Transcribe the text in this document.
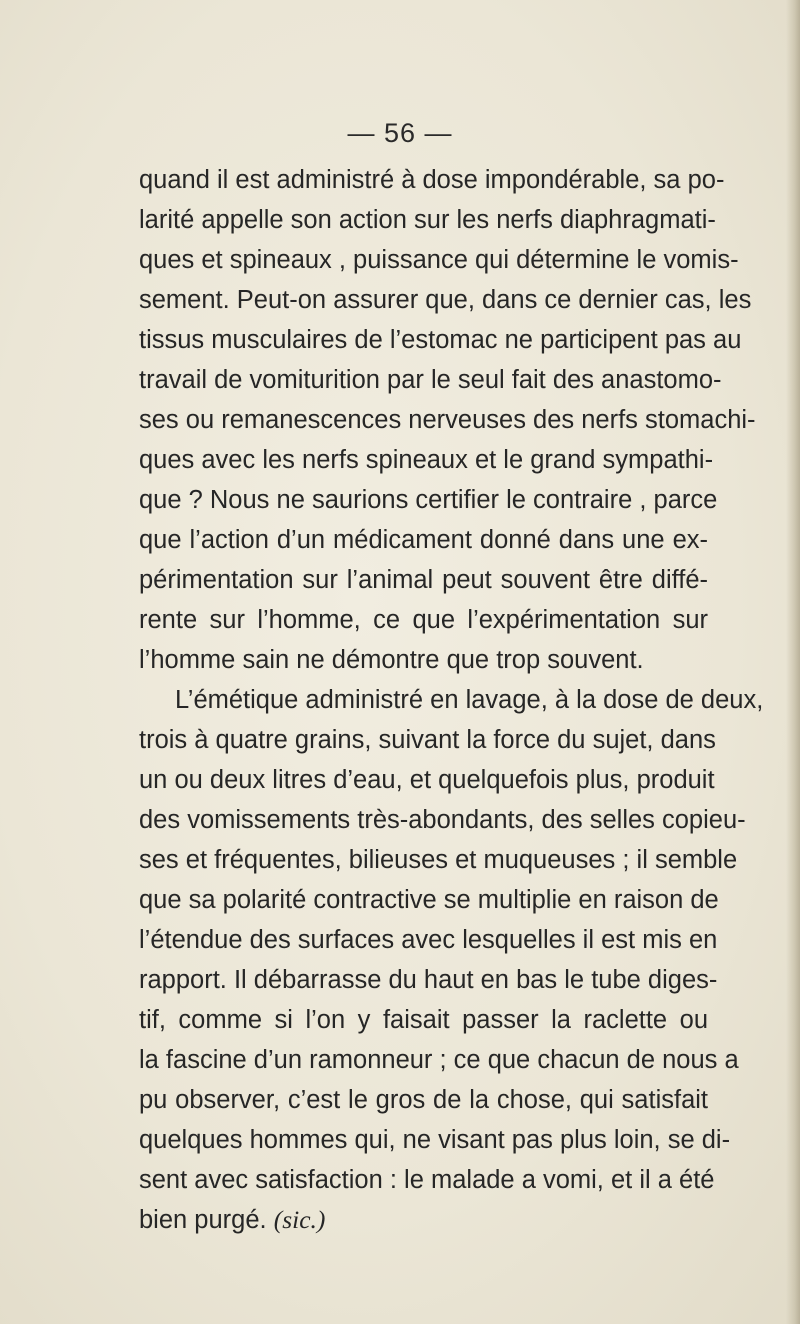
— 56 —
quand il est administré à dose impondérable, sa po-
larité appelle son action sur les nerfs diaphragmati-
ques et spineaux , puissance qui détermine le vomis-
sement. Peut-on assurer que, dans ce dernier cas, les
tissus musculaires de l’estomac ne participent pas au
travail de vomiturition par le seul fait des anastomo-
ses ou remanescences nerveuses des nerfs stomachi-
ques avec les nerfs spineaux et le grand sympathi-
que ? Nous ne saurions certifier le contraire , parce
que l’action d’un médicament donné dans une ex-
périmentation sur l’animal peut souvent être diffé-
rente sur l’homme, ce que l’expérimentation sur
l’homme sain ne démontre que trop souvent.
L’émétique administré en lavage, à la dose de deux,
trois à quatre grains, suivant la force du sujet, dans
un ou deux litres d’eau, et quelquefois plus, produit
des vomissements très-abondants, des selles copieu-
ses et fréquentes, bilieuses et muqueuses ; il semble
que sa polarité contractive se multiplie en raison de
l’étendue des surfaces avec lesquelles il est mis en
rapport. Il débarrasse du haut en bas le tube diges-
tif, comme si l’on y faisait passer la raclette ou
la fascine d’un ramonneur ; ce que chacun de nous a
pu observer, c’est le gros de la chose, qui satisfait
quelques hommes qui, ne visant pas plus loin, se di-
sent avec satisfaction : le malade a vomi, et il a été
bien purgé. (sic.)
